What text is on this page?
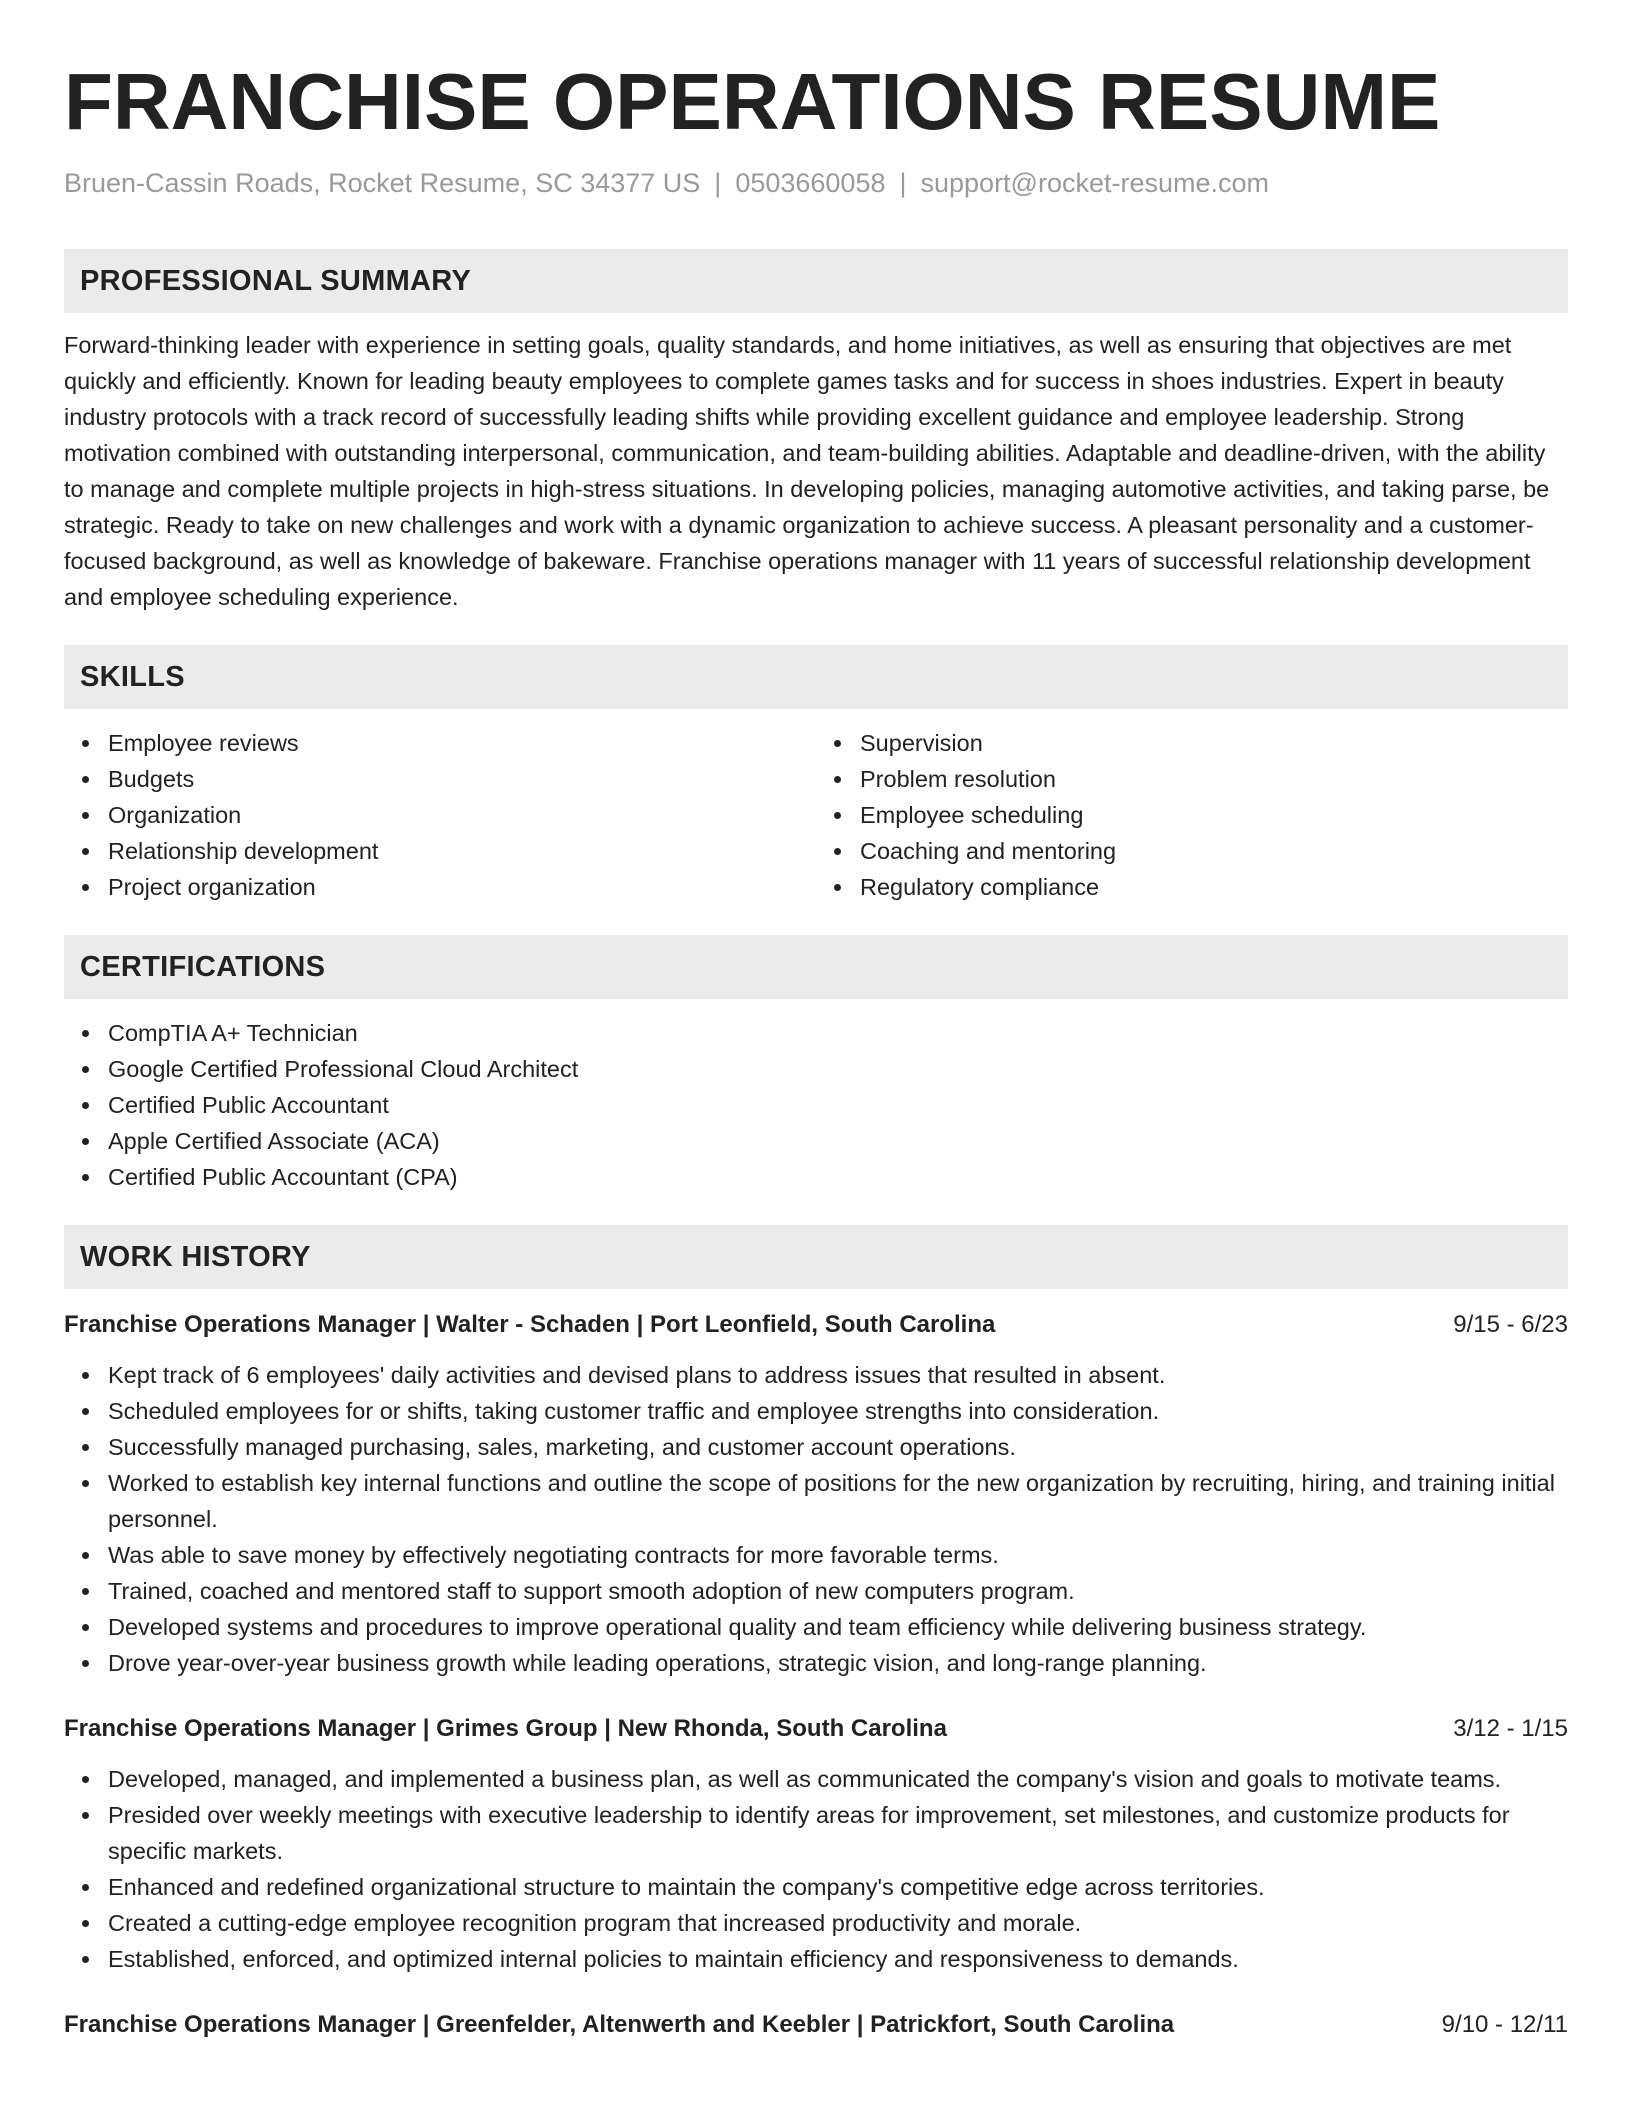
FRANCHISE OPERATIONS RESUME
Bruen-Cassin Roads, Rocket Resume, SC 34377 US | 0503660058 | support@rocket-resume.com
PROFESSIONAL SUMMARY

Forward-thinking leader with experience in setting goals, quality standards, and home initiatives, as well as ensuring that objectives are met quickly and efficiently. Known for leading beauty employees to complete games tasks and for success in shoes industries. Expert in beauty industry protocols with a track record of successfully leading shifts while providing excellent guidance and employee leadership. Strong motivation combined with outstanding interpersonal, communication, and team-building abilities. Adaptable and deadline-driven, with the ability to manage and complete multiple projects in high-stress situations. In developing policies, managing automotive activities, and taking parse, be strategic. Ready to take on new challenges and work with a dynamic organization to achieve success. A pleasant personality and a customer-focused background, as well as knowledge of bakeware. Franchise operations manager with 11 years of successful relationship development and employee scheduling experience.

SKILLS
Employee reviews
Budgets
Organization
Relationship development
Project organization
Supervision
Problem resolution
Employee scheduling
Coaching and mentoring
Regulatory compliance
CERTIFICATIONS
CompTIA A+ Technician
Google Certified Professional Cloud Architect
Certified Public Accountant
Apple Certified Associate (ACA)
Certified Public Accountant (CPA)
WORK HISTORY
Franchise Operations Manager | Walter - Schaden | Port Leonfield, South Carolina	9/15 - 6/23
Kept track of 6 employees' daily activities and devised plans to address issues that resulted in absent.
Scheduled employees for or shifts, taking customer traffic and employee strengths into consideration.
Successfully managed purchasing, sales, marketing, and customer account operations.
Worked to establish key internal functions and outline the scope of positions for the new organization by recruiting, hiring, and training initial personnel.
Was able to save money by effectively negotiating contracts for more favorable terms.
Trained, coached and mentored staff to support smooth adoption of new computers program.
Developed systems and procedures to improve operational quality and team efficiency while delivering business strategy.
Drove year-over-year business growth while leading operations, strategic vision, and long-range planning.
Franchise Operations Manager | Grimes Group | New Rhonda, South Carolina	3/12 - 1/15
Developed, managed, and implemented a business plan, as well as communicated the company's vision and goals to motivate teams.
Presided over weekly meetings with executive leadership to identify areas for improvement, set milestones, and customize products for specific markets.
Enhanced and redefined organizational structure to maintain the company's competitive edge across territories.
Created a cutting-edge employee recognition program that increased productivity and morale.
Established, enforced, and optimized internal policies to maintain efficiency and responsiveness to demands.
Franchise Operations Manager | Greenfelder, Altenwerth and Keebler | Patrickfort, South Carolina	9/10 - 12/11
